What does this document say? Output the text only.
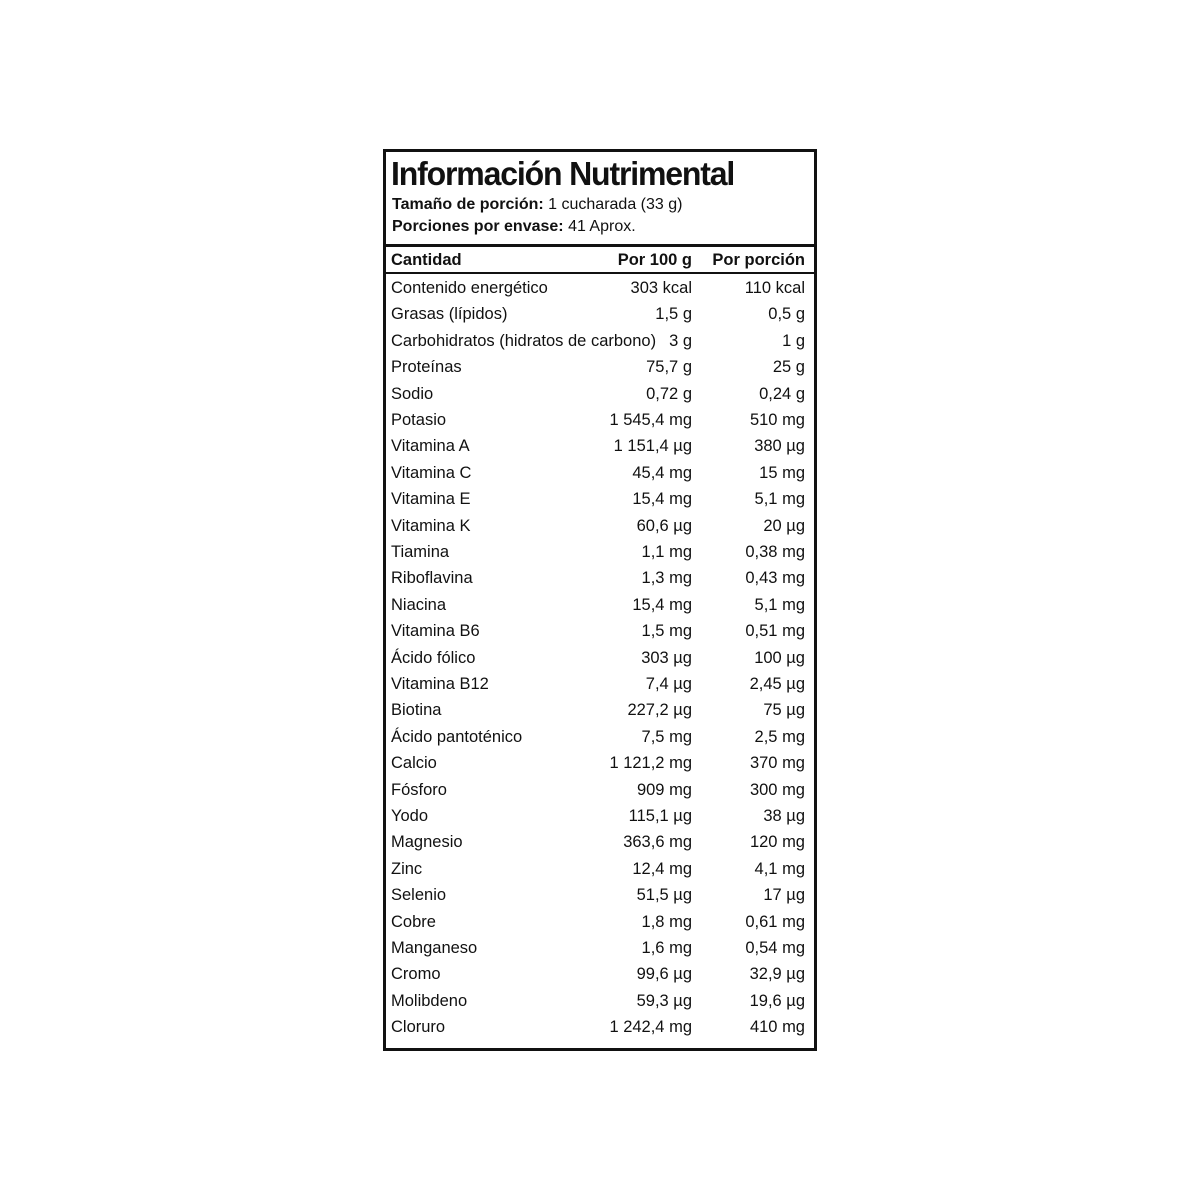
Información Nutrimental
Tamaño de porción: 1 cucharada (33 g)
Porciones por envase: 41 Aprox.
Cantidad	Por 100 g Por porción
Contenido energético	303 kcal	110 kcal
Grasas (lípidos)	1,5 g	0,5 g
Carbohidratos (hidratos de carbono) 3 g	1 g
Proteínas	75,7 g	25 g
Sodio	0,72 g	0,24 g
Potasio	1 545,4 mg	510 mg
Vitamina A	1 151,4 µg	380 µg
Vitamina C	45,4 mg	15 mg
Vitamina E	15,4 mg	5,1 mg
Vitamina K	60,6 µg	20 µg
Tiamina	1,1 mg	0,38 mg
Riboflavina	1,3 mg	0,43 mg
Niacina	15,4 mg	5,1 mg
Vitamina B6	1,5 mg	0,51 mg
Ácido fólico	303 µg	100 µg
Vitamina B12	7,4 µg	2,45 µg
Biotina	227,2 µg	75 µg
Ácido pantoténico	7,5 mg	2,5 mg
Calcio	1 121,2 mg	370 mg
Fósforo	909 mg	300 mg
Yodo	115,1 µg	38 µg
Magnesio	363,6 mg	120 mg
Zinc	12,4 mg	4,1 mg
Selenio	51,5 µg	17 µg
Cobre	1,8 mg	0,61 mg
Manganeso	1,6 mg	0,54 mg
Cromo	99,6 µg	32,9 µg
Molibdeno	59,3 µg	19,6 µg
Cloruro	1 242,4 mg	410 mg
